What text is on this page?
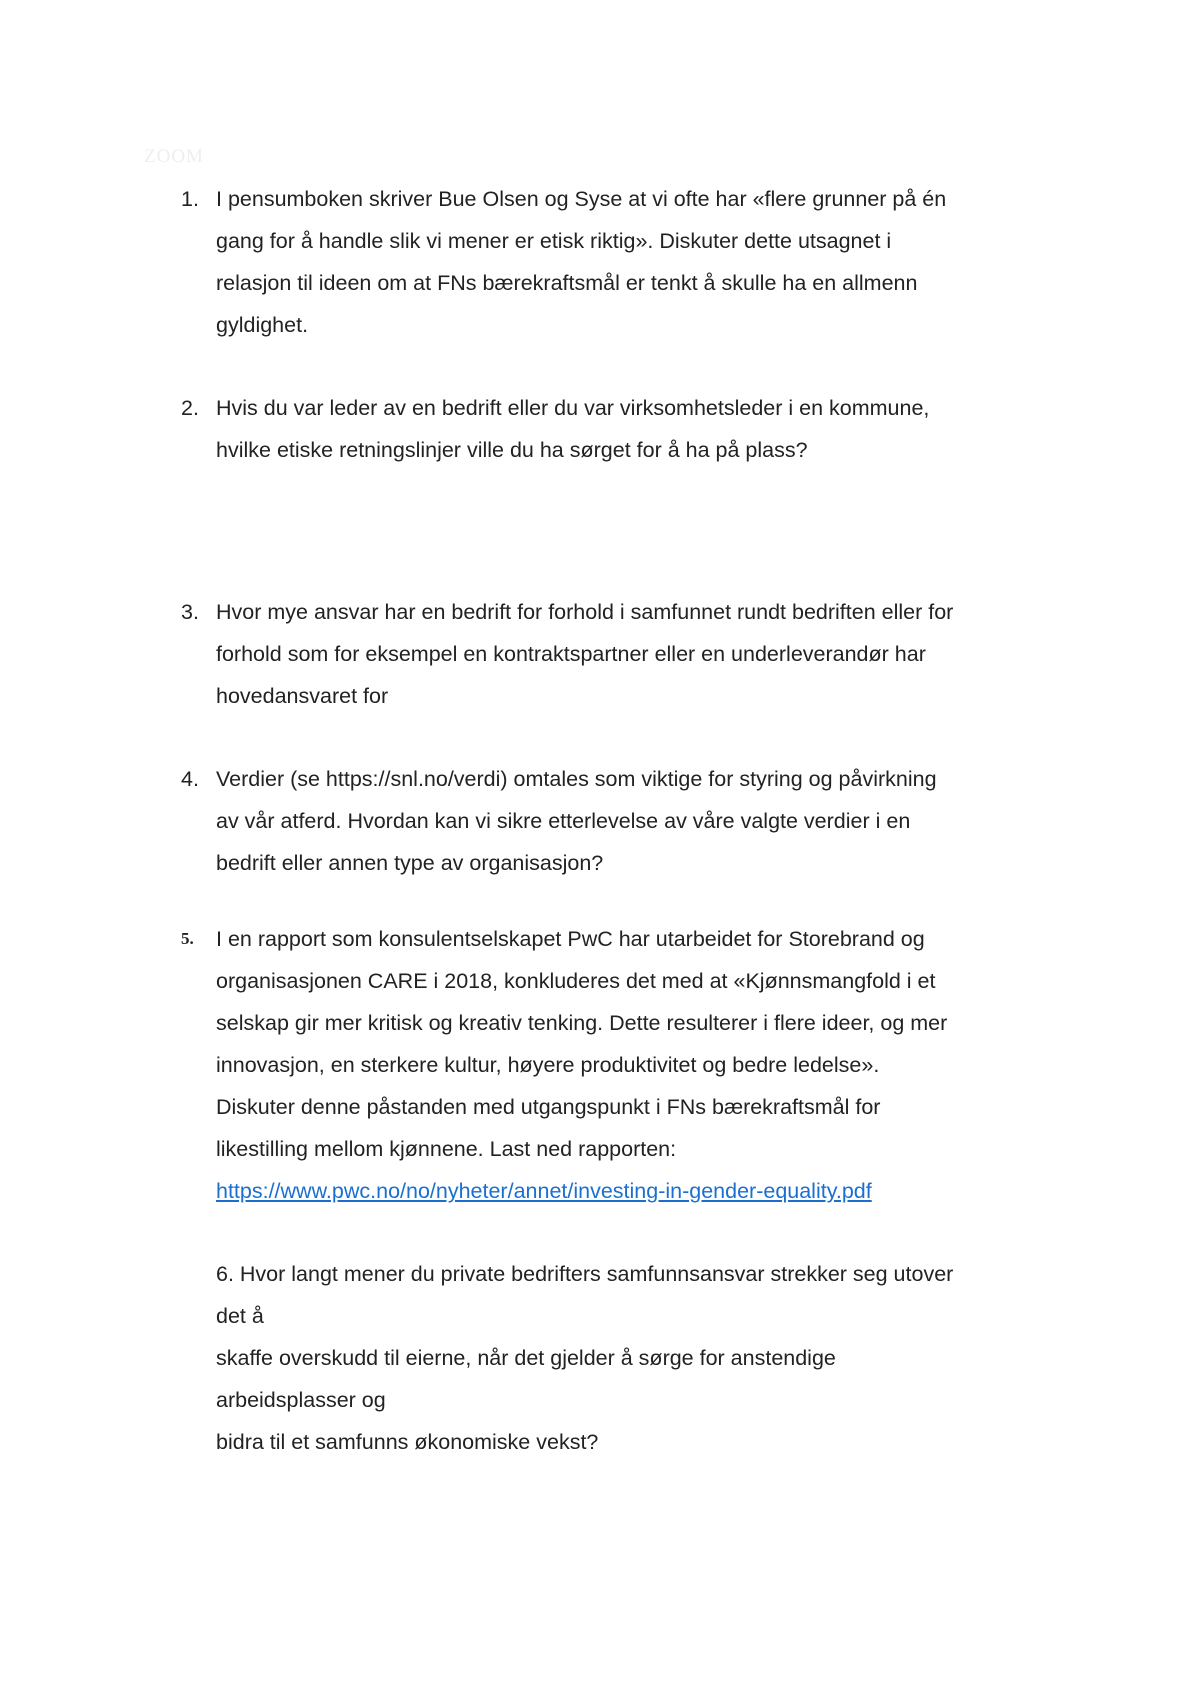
ZOOM
1. I pensumboken skriver Bue Olsen og Syse at vi ofte har «flere grunner på én
gang for å handle slik vi mener er etisk riktig». Diskuter dette utsagnet i
relasjon til ideen om at FNs bærekraftsmål er tenkt å skulle ha en allmenn
gyldighet.
2. Hvis du var leder av en bedrift eller du var virksomhetsleder i en kommune,
hvilke etiske retningslinjer ville du ha sørget for å ha på plass?
3. Hvor mye ansvar har en bedrift for forhold i samfunnet rundt bedriften eller for
forhold som for eksempel en kontraktspartner eller en underleverandør har
hovedansvaret for
4. Verdier (se https://snl.no/verdi) omtales som viktige for styring og påvirkning
av vår atferd. Hvordan kan vi sikre etterlevelse av våre valgte verdier i en
bedrift eller annen type av organisasjon?
5.	I en rapport som konsulentselskapet PwC har utarbeidet for Storebrand og
organisasjonen CARE i 2018, konkluderes det med at «Kjønnsmangfold i et
selskap gir mer kritisk og kreativ tenking. Dette resulterer i flere ideer, og mer
innovasjon, en sterkere kultur, høyere produktivitet og bedre ledelse».
Diskuter denne påstanden med utgangspunkt i FNs bærekraftsmål for
likestilling mellom kjønnene. Last ned rapporten:
https://www.pwc.no/no/nyheter/annet/investing-in-gender-equality.pdf
6. Hvor langt mener du private bedrifters samfunnsansvar strekker seg utover
det å
skaffe overskudd til eierne, når det gjelder å sørge for anstendige
arbeidsplasser og
bidra til et samfunns økonomiske vekst?
